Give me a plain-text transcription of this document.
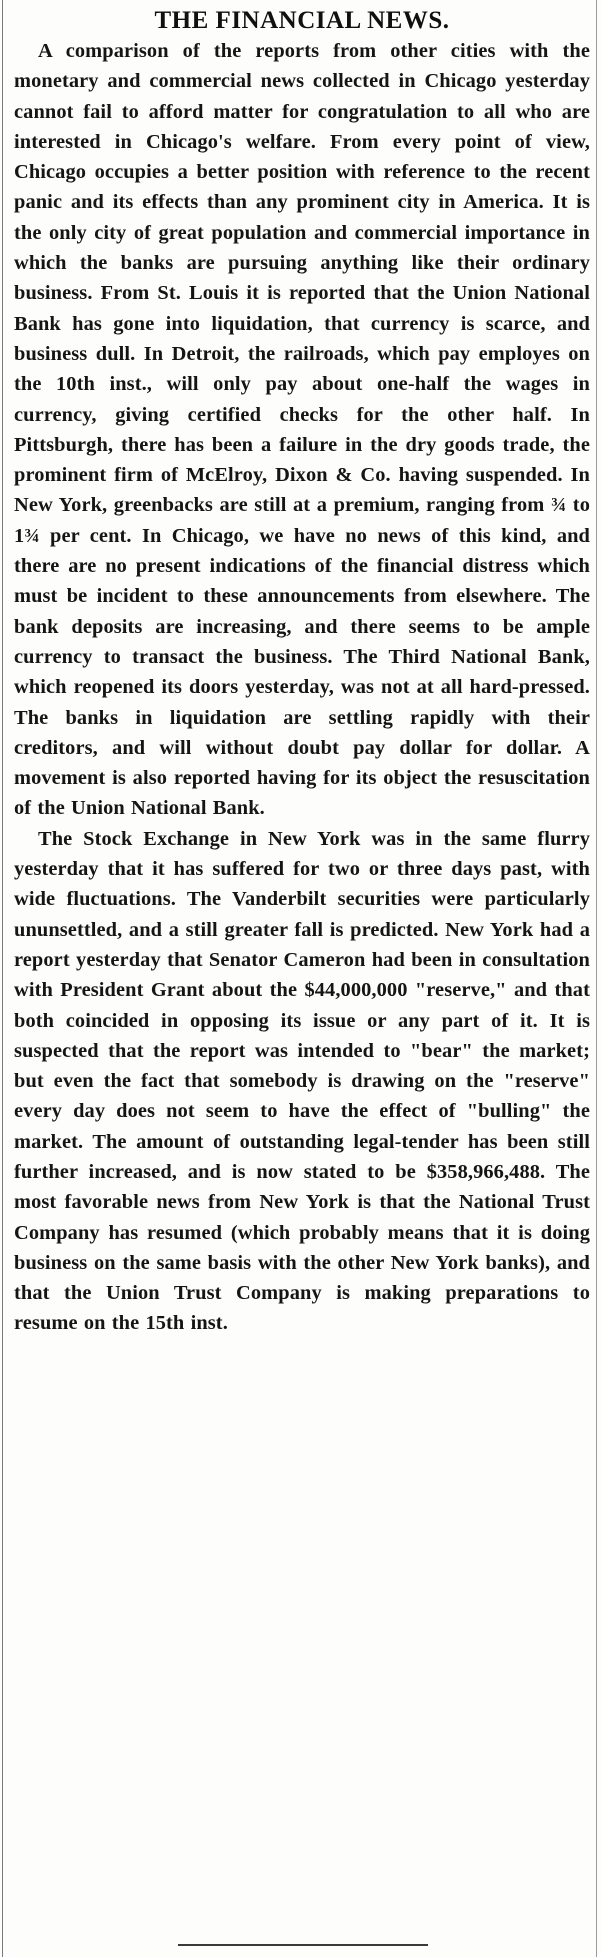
THE FINANCIAL NEWS.

A comparison of the reports from other cities with the monetary and commercial news collected in Chicago yesterday cannot fail to afford matter for congratulation to all who are interested in Chicago's welfare. From every point of view, Chicago occupies a better position with reference to the recent panic and its effects than any prominent city in America. It is the only city of great population and commercial importance in which the banks are pursuing anything like their ordinary business. From St. Louis it is reported that the Union National Bank has gone into liquidation, that currency is scarce, and business dull. In Detroit, the railroads, which pay employes on the 10th inst., will only pay about one-half the wages in currency, giving certified checks for the other half. In Pittsburgh, there has been a failure in the dry goods trade, the prominent firm of McElroy, Dixon & Co. having suspended. In New York, greenbacks are still at a premium, ranging from ¾ to 1¾ per cent. In Chicago, we have no news of this kind, and there are no present indications of the financial distress which must be incident to these announcements from elsewhere. The bank deposits are increasing, and there seems to be ample currency to transact the business. The Third National Bank, which reopened its doors yesterday, was not at all hard-pressed. The banks in liquidation are settling rapidly with their creditors, and will without doubt pay dollar for dollar. A movement is also reported having for its object the resuscitation of the Union National Bank.

The Stock Exchange in New York was in the same flurry yesterday that it has suffered for two or three days past, with wide fluctuations. The Vanderbilt securities were particularly ununsettled, and a still greater fall is predicted. New York had a report yesterday that Senator Cameron had been in consultation with President Grant about the $44,000,000 "reserve," and that both coincided in opposing its issue or any part of it. It is suspected that the report was intended to "bear" the market; but even the fact that somebody is drawing on the "reserve" every day does not seem to have the effect of "bulling" the market. The amount of outstanding legal-tender has been still further increased, and is now stated to be $358,966,488. The most favorable news from New York is that the National Trust Company has resumed (which probably means that it is doing business on the same basis with the other New York banks), and that the Union Trust Company is making preparations to resume on the 15th inst.
